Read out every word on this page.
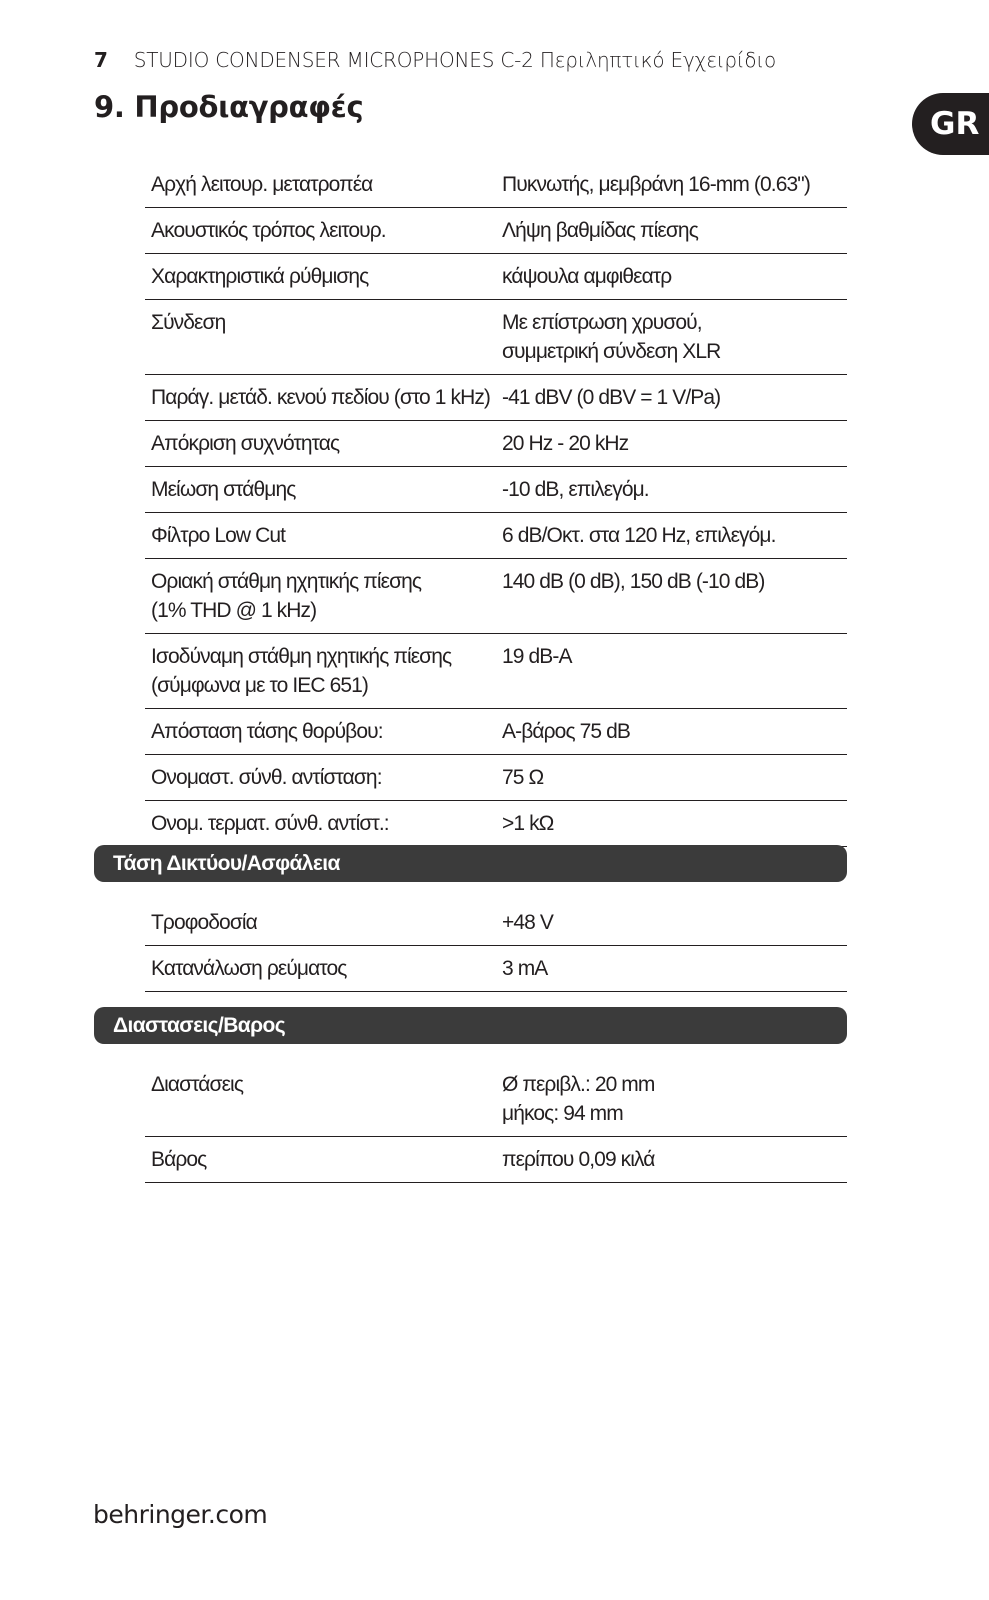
7 STUDIO CONDENSER MICROPHONES C-2 Περιληπτικό Εγχειρίδιο
9. Προδιαγραφές	GR
Αρχή λειτουρ. μετατροπέα	Πυκνωτής, μεμβράνη 16-mm (0.63")

Ακουστικός τρόπος λειτουρ.	Λήψη βαθμίδας πίεσης

Χαρακτηριστικά ρύθμισης	κάψουλα αμφιθεατρ

Σύνδεση	Με επίστρωση χρυσού,
συμμετρική σύνδεση XLR

Παράγ. μετάδ. κενού πεδίου (στο 1 kHz)	-41 dBV (0 dBV = 1 V/Pa)

Απόκριση συχνότητας	20 Hz - 20 kHz

Μείωση στάθμης	-10 dB, επιλεγόμ.

Φίλτρο Low Cut	6 dB/Οκτ. στα 120 Hz, επιλεγόμ.

Οριακή στάθμη ηχητικής πίεσης
(1% THD @ 1 kHz)	140 dB (0 dB), 150 dB (-10 dB)

Ισοδύναμη στάθμη ηχητικής πίεσης
(σύμφωνα με το IEC 651)	19 dB-A

Απόσταση τάσης θορύβου:	A-βάρος 75 dB

Ονομαστ. σύνθ. αντίσταση:	75 Ω

Ονομ. τερματ. σύνθ. αντίστ.:	>1 kΩ
Τάση Δικτύου/Ασφάλεια
Τροφοδοσία	+48 V

Κατανάλωση ρεύματος	3 mA
Διαστασεις/Βαρος
Διαστάσεις	Ø περιβλ.: 20 mm
μήκος: 94 mm

Βάρος	περίπου 0,09 κιλά
behringer.com
